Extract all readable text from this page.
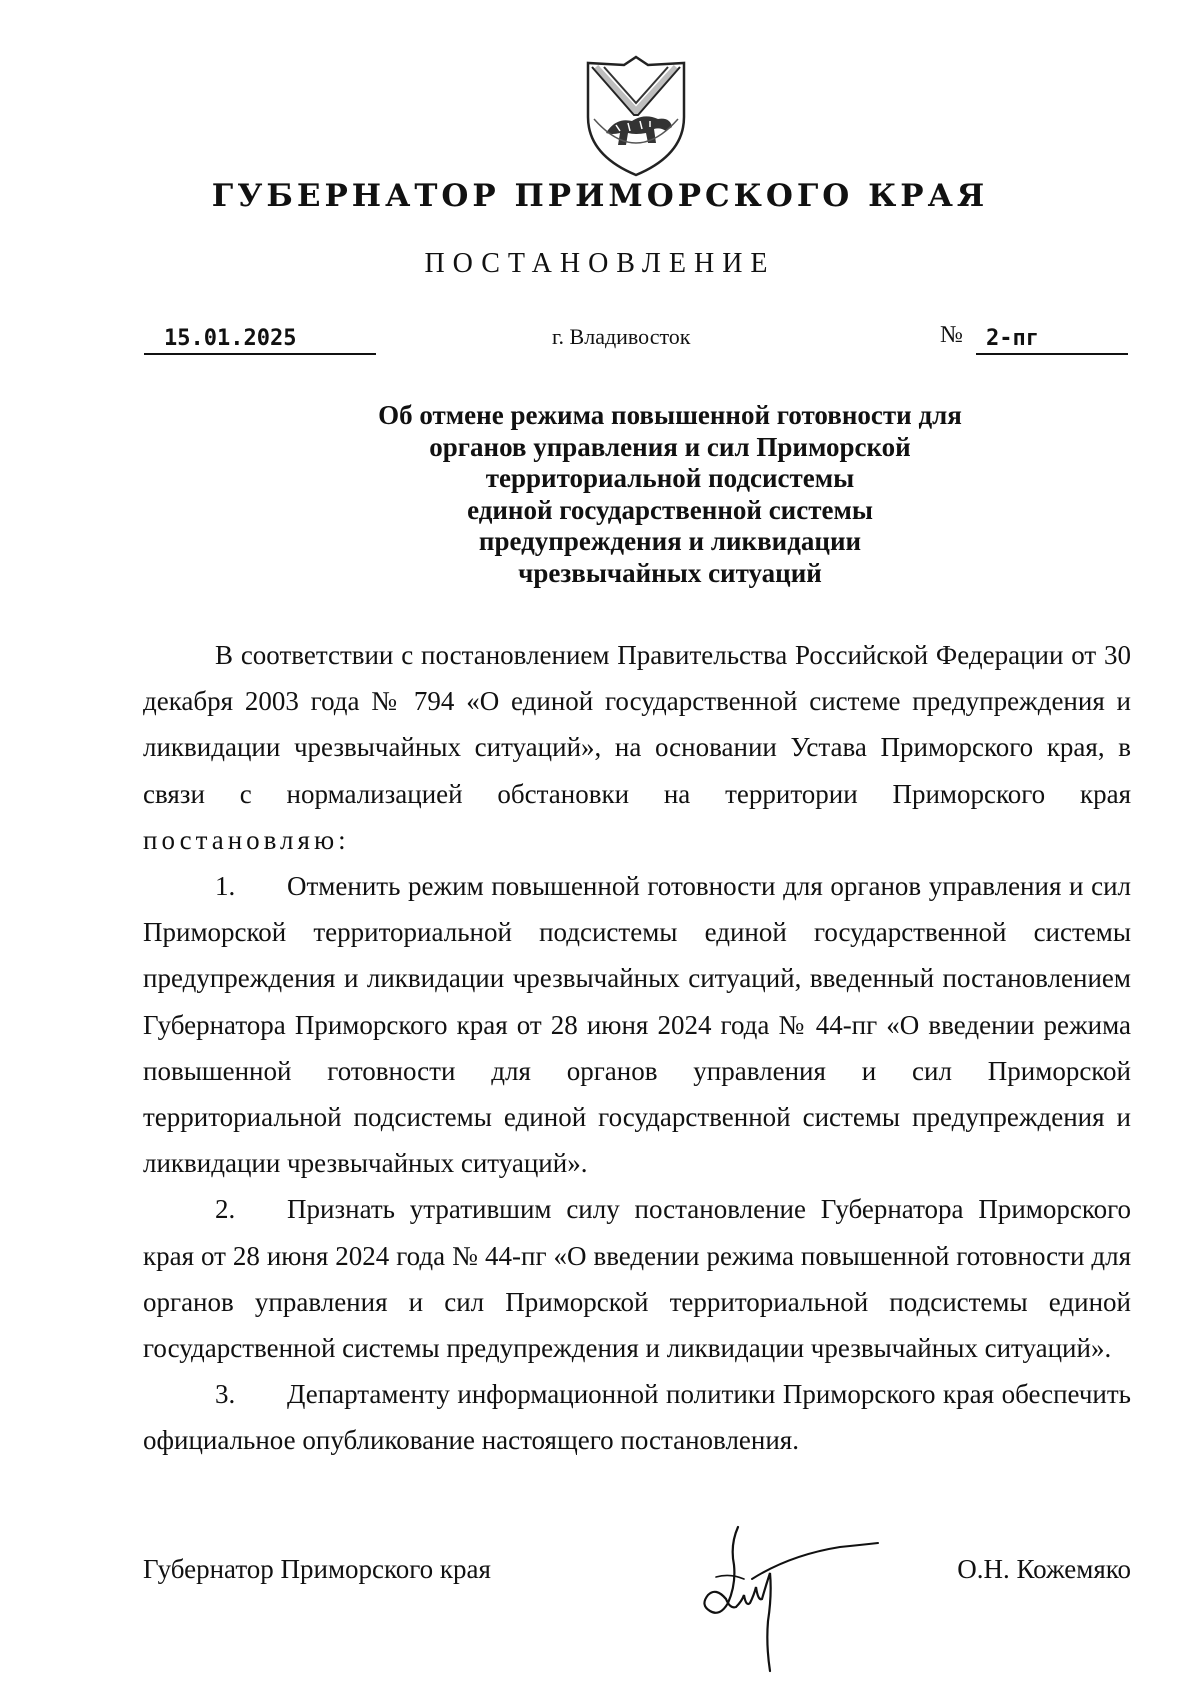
ГУБЕРНАТОР ПРИМОРСКОГО КРАЯ
ПОСТАНОВЛЕНИЕ
15.01.2025	г. Владивосток	№	2-пг
Об отмене режима повышенной готовности для
органов управления и сил Приморской
территориальной подсистемы
единой государственной системы
предупреждения и ликвидации
чрезвычайных ситуаций

В соответствии с постановлением Правительства Российской Федерации от 30 декабря 2003 года № 794 «О единой государственной системе предупреждения и ликвидации чрезвычайных ситуаций», на основании Устава Приморского края, в связи с нормализацией обстановки на территории Приморского края постановляю:

1. Отменить режим повышенной готовности для органов управления и сил Приморской территориальной подсистемы единой государственной системы предупреждения и ликвидации чрезвычайных ситуаций, введенный постановлением Губернатора Приморского края от 28 июня 2024 года № 44-пг «О введении режима повышенной готовности для органов управления и сил Приморской территориальной подсистемы единой государственной системы предупреждения и ликвидации чрезвычайных ситуаций».

2. Признать утратившим силу постановление Губернатора Приморского края от 28 июня 2024 года № 44-пг «О введении режима повышенной готовности для органов управления и сил Приморской территориальной подсистемы единой государственной системы предупреждения и ликвидации чрезвычайных ситуаций».

3. Департаменту информационной политики Приморского края обеспечить официальное опубликование настоящего постановления.

Губернатор Приморского края	О.Н. Кожемяко
